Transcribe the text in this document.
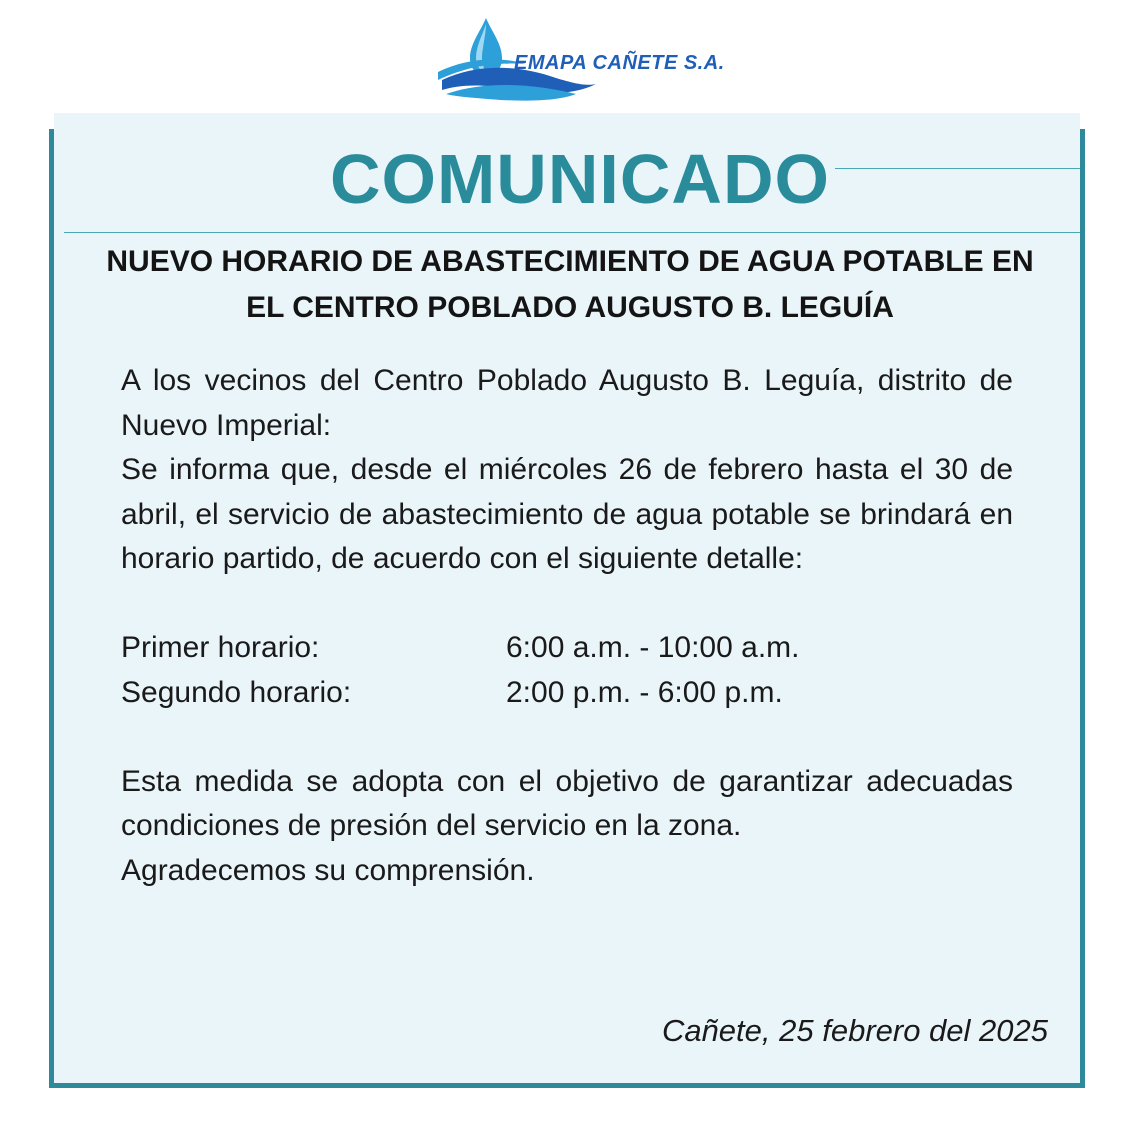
EMAPA CAÑETE S.A.
COMUNICADO
NUEVO HORARIO DE ABASTECIMIENTO DE AGUA POTABLE EN
EL CENTRO POBLADO AUGUSTO B. LEGUÍA

A los vecinos del Centro Poblado Augusto B. Leguía, distrito de Nuevo Imperial:

Se informa que, desde el miércoles 26 de febrero hasta el 30 de abril, el servicio de abastecimiento de agua potable se brindará en horario partido, de acuerdo con el siguiente detalle:

Primer horario:	6:00 a.m. - 10:00 a.m.
Segundo horario:	2:00 p.m. - 6:00 p.m.

Esta medida se adopta con el objetivo de garantizar adecuadas condiciones de presión del servicio en la zona.

Agradecemos su comprensión.

Cañete, 25 febrero del 2025
